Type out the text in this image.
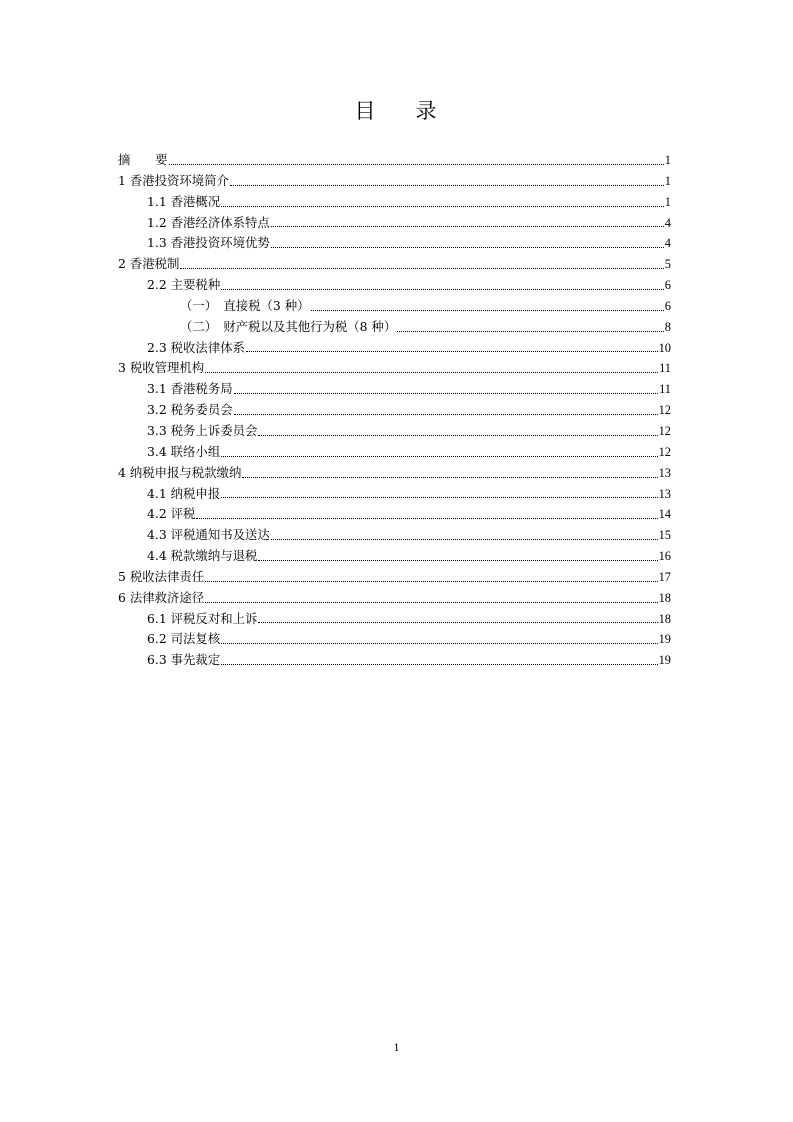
目 录
摘　　要	1
1 香港投资环境简介	1
1.1 香港概况	1
1.2 香港经济体系特点	4
1.3 香港投资环境优势	4
2 香港税制	5
2.2 主要税种	6
（一）　直接税（3 种）	6
（二）　财产税以及其他行为税（8 种）	8
2.3 税收法律体系	10
3 税收管理机构	11
3.1 香港税务局	11
3.2 税务委员会	12
3.3 税务上诉委员会	12
3.4 联络小组	12
4 纳税申报与税款缴纳	13
4.1 纳税申报	13
4.2 评税	14
4.3 评税通知书及送达	15
4.4 税款缴纳与退税	16
5 税收法律责任	17
6 法律救济途径	18
6.1 评税反对和上诉	18
6.2 司法复核	19
6.3 事先裁定	19
1
